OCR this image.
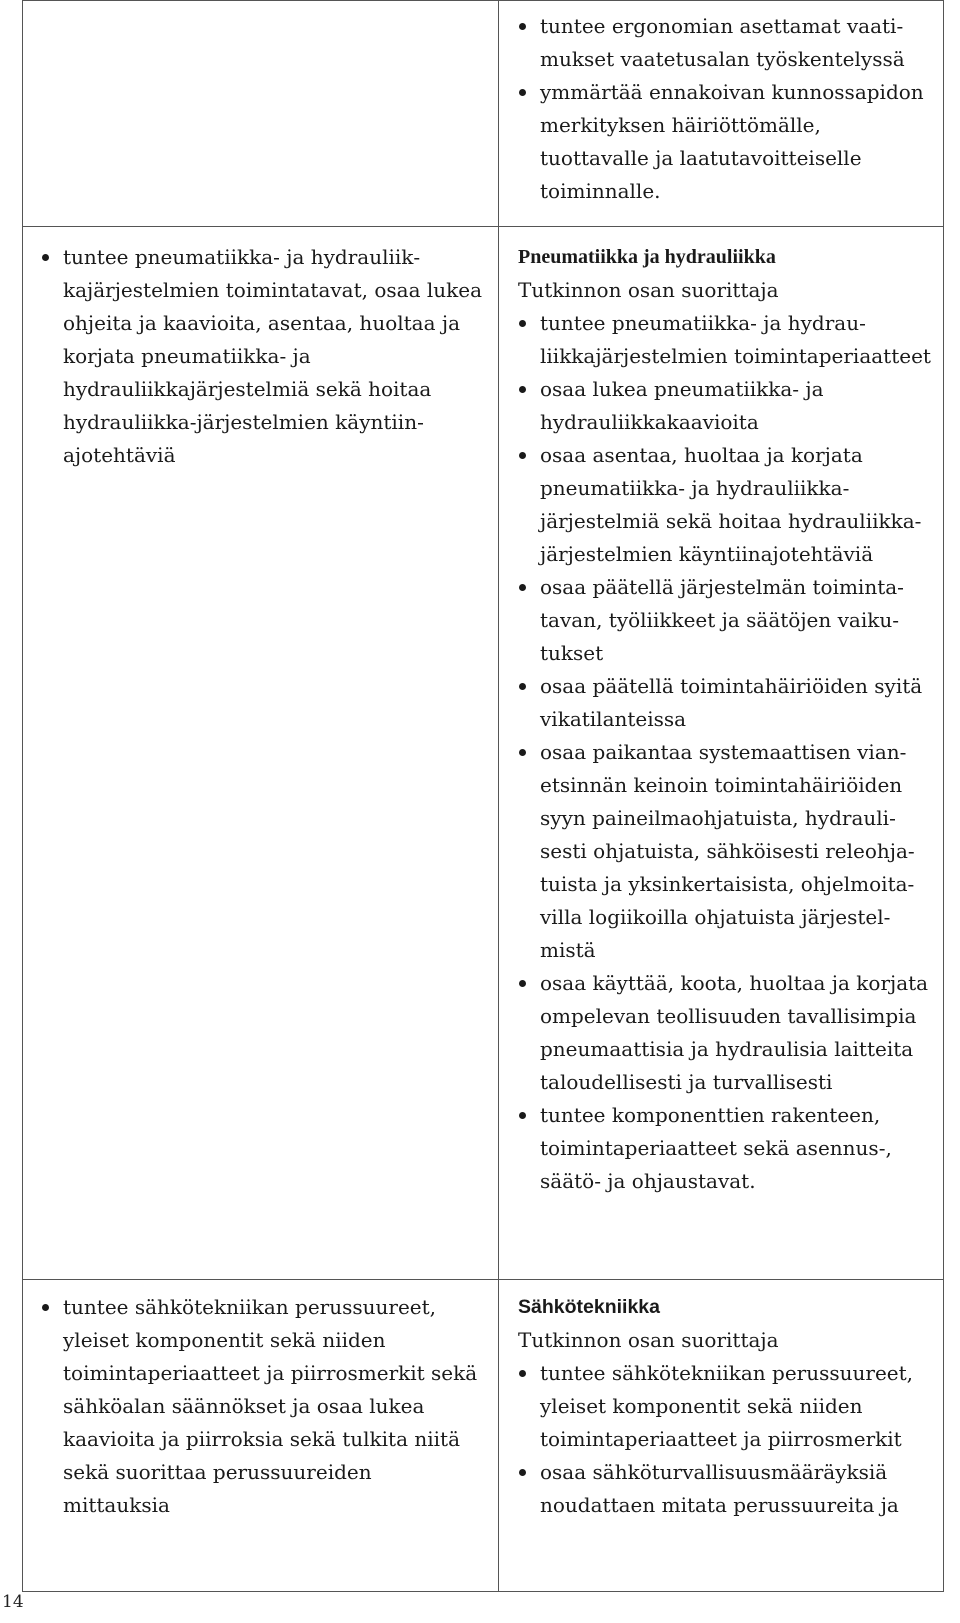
tuntee ergonomian asettamat vaatimukset vaatetusalan työskentelyssä
ymmärtää ennakoivan kunnossapidon merkityksen häiriöttömälle, tuottavalle ja laatutavoitteiselle toiminnalle.
tuntee pneumatiikka- ja hydrauliikkajärjestelmien toimintatavat, osaa lukea ohjeita ja kaavioita, asentaa, huoltaa ja korjata pneumatiikka- ja hydrauliikkajärjestelmiä sekä hoitaa hydrauliikka-järjestelmien käyntiinajotehtäviä
Pneumatiikka ja hydrauliikka
Tutkinnon osan suorittaja
tuntee pneumatiikka- ja hydrauliikkajärjestelmien toimintaperiaatteet
osaa lukea pneumatiikka- ja hydrauliikkakaavioita
osaa asentaa, huoltaa ja korjata pneumatiikka- ja hydrauliikkajärjestelmiä sekä hoitaa hydrauliikkajärjestelmien käyntiinajotehtäviä
osaa päätellä järjestelmän toimintatavan, työliikkeet ja säätöjen vaikutukset
osaa päätellä toimintahäiriöiden syitä vikatilanteissa
osaa paikantaa systemaattisen vianetsinnän keinoin toimintahäiriöiden syyn paineilmaohjatuista, hydraulisesti ohjatuista, sähköisesti releohjatuista ja yksinkertaisista, ohjelmoitavilla logiikoilla ohjatuista järjestelmistä
osaa käyttää, koota, huoltaa ja korjata ompelevan teollisuuden tavallisimpia pneumaattisia ja hydraulisia laitteita taloudellisesti ja turvallisesti
tuntee komponenttien rakenteen, toimintaperiaatteet sekä asennus-, säätö- ja ohjaustavat.
tuntee sähkötekniikan perussuureet, yleiset komponentit sekä niiden toimintaperiaatteet ja piirrosmerkit sekä sähköalan säännökset ja osaa lukea kaavioita ja piirroksia sekä tulkita niitä sekä suorittaa perussuureiden mittauksia
Sähkötekniikka
Tutkinnon osan suorittaja
tuntee sähkötekniikan perussuureet, yleiset komponentit sekä niiden toimintaperiaatteet ja piirrosmerkit
osaa sähköturvallisuusmääräyksiä noudattaen mitata perussuureita ja
14
